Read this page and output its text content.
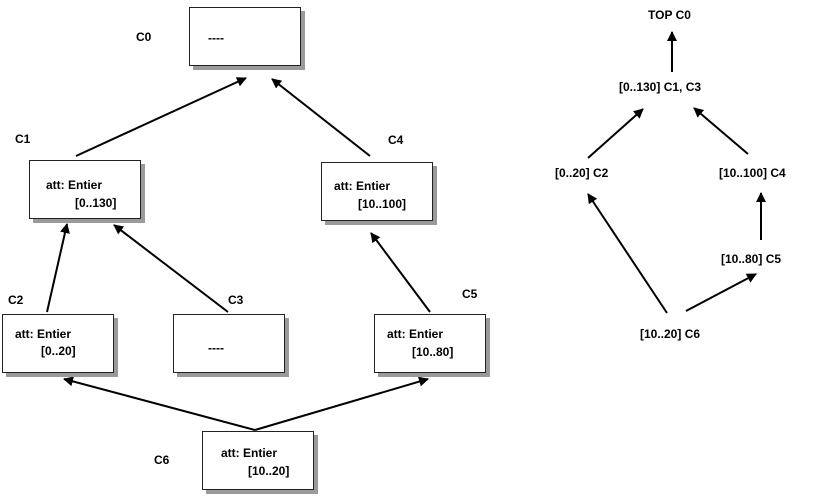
C0	----
C1
att: Entier
[0..130]
C4
att: Entier
[10..100]
C2
att: Entier
[0..20]
C3
----
C5
att: Entier
[10..80]
C6	att: Entier
[10..20]
TOP C0
[0..130] C1, C3
[0..20] C2	[10..100] C4
[10..80] C5
[10..20] C6
